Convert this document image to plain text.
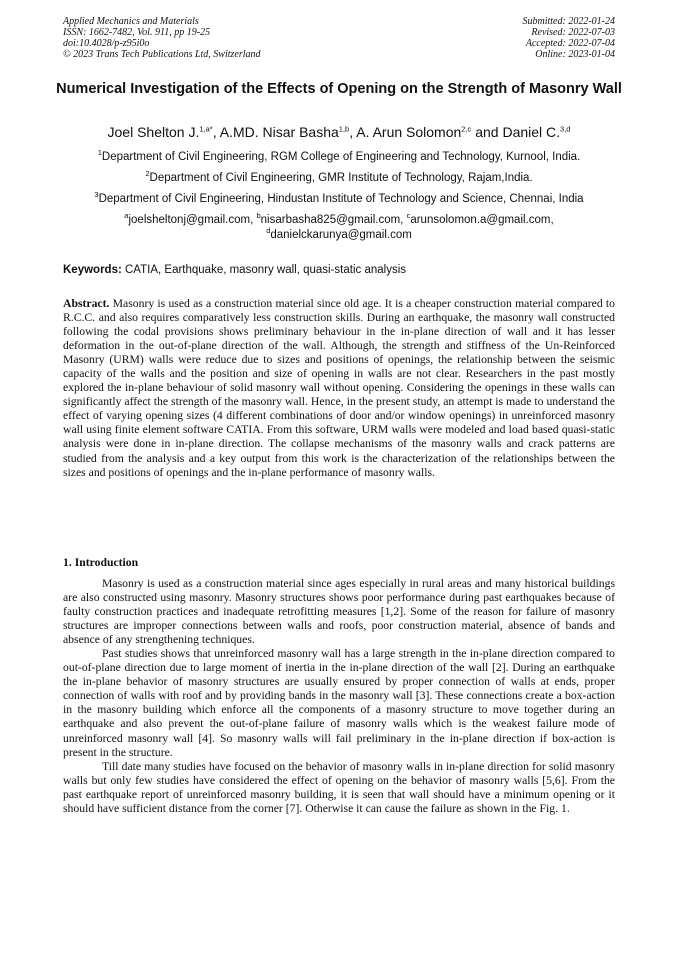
Applied Mechanics and Materials
ISSN: 1662-7482, Vol. 911, pp 19-25
doi:10.4028/p-z95i0o
© 2023 Trans Tech Publications Ltd, Switzerland
Submitted: 2022-01-24
Revised: 2022-07-03
Accepted: 2022-07-04
Online: 2023-01-04
Numerical Investigation of the Effects of Opening on the Strength of Masonry Wall
Joel Shelton J.$^{1,a*}$, A.MD. Nisar Basha$^{1,b}$, A. Arun Solomon$^{2,c}$ and Daniel C.$^{3,d}$
$^1$Department of Civil Engineering, RGM College of Engineering and Technology, Kurnool, India.
$^2$Department of Civil Engineering, GMR Institute of Technology, Rajam,India.
$^3$Department of Civil Engineering, Hindustan Institute of Technology and Science, Chennai, India
$^a$joelsheltonj@gmail.com, $^b$nisarbasha825@gmail.com, $^c$arunsolomon.a@gmail.com,
$^d$danielckarunya@gmail.com
Keywords: CATIA, Earthquake, masonry wall, quasi-static analysis
Abstract. Masonry is used as a construction material since old age. It is a cheaper construction material compared to R.C.C. and also requires comparatively less construction skills. During an earthquake, the masonry wall constructed following the codal provisions shows preliminary behaviour in the in-plane direction of wall and it has lesser deformation in the out-of-plane direction of the wall. Although, the strength and stiffness of the Un-Reinforced Masonry (URM) walls were reduce due to sizes and positions of openings, the relationship between the seismic capacity of the walls and the position and size of opening in walls are not clear. Researchers in the past mostly explored the in-plane behaviour of solid masonry wall without opening. Considering the openings in these walls can significantly affect the strength of the masonry wall. Hence, in the present study, an attempt is made to understand the effect of varying opening sizes (4 different combinations of door and/or window openings) in unreinforced masonry wall using finite element software CATIA. From this software, URM walls were modeled and load based quasi-static analysis were done in in-plane direction. The collapse mechanisms of the masonry walls and crack patterns are studied from the analysis and a key output from this work is the characterization of the relationships between the sizes and positions of openings and the in-plane performance of masonry walls.
1. Introduction

Masonry is used as a construction material since ages especially in rural areas and many historical buildings are also constructed using masonry. Masonry structures shows poor performance during past earthquakes because of faulty construction practices and inadequate retrofitting measures [1,2]. Some of the reason for failure of masonry structures are improper connections between walls and roofs, poor construction material, absence of bands and absence of any strengthening techniques.

Past studies shows that unreinforced masonry wall has a large strength in the in-plane direction compared to out-of-plane direction due to large moment of inertia in the in-plane direction of the wall [2]. During an earthquake the in-plane behavior of masonry structures are usually ensured by proper connection of walls at ends, proper connection of walls with roof and by providing bands in the masonry wall [3]. These connections create a box-action in the masonry building which enforce all the components of a masonry structure to move together during an earthquake and also prevent the out-of-plane failure of masonry walls which is the weakest failure mode of unreinforced masonry wall [4]. So masonry walls will fail preliminary in the in-plane direction if box-action is present in the structure.

Till date many studies have focused on the behavior of masonry walls in in-plane direction for solid masonry walls but only few studies have considered the effect of opening on the behavior of masonry walls [5,6]. From the past earthquake report of unreinforced masonry building, it is seen that wall should have a minimum opening or it should have sufficient distance from the corner [7]. Otherwise it can cause the failure as shown in the Fig. 1.
